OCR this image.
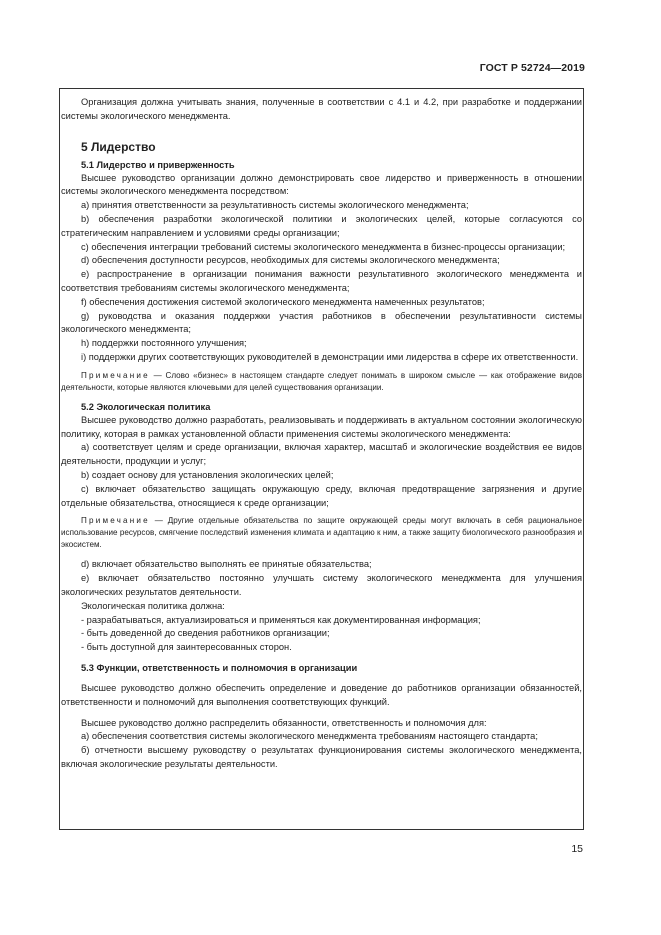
ГОСТ Р 52724—2019

Организация должна учитывать знания, полученные в соответствии с 4.1 и 4.2, при разработке и поддержании системы экологического менеджмента.

5 Лидерство
5.1 Лидерство и приверженность

Высшее руководство организации должно демонстрировать свое лидерство и приверженность в отношении системы экологического менеджмента посредством:

a) принятия ответственности за результативность системы экологического менеджмента;

b) обеспечения разработки экологической политики и экологических целей, которые согласуются со стратегическим направлением и условиями среды организации;

c) обеспечения интеграции требований системы экологического менеджмента в бизнес-процессы организации;

d) обеспечения доступности ресурсов, необходимых для системы экологического менеджмента;

e) распространение в организации понимания важности результативного экологического менеджмента и соответствия требованиям системы экологического менеджмента;

f) обеспечения достижения системой экологического менеджмента намеченных результатов;

g) руководства и оказания поддержки участия работников в обеспечении результативности системы экологического менеджмента;

h) поддержки постоянного улучшения;

i) поддержки других соответствующих руководителей в демонстрации ими лидерства в сфере их ответственности.

Примечание — Слово «бизнес» в настоящем стандарте следует понимать в широком смысле — как отображение видов деятельности, которые являются ключевыми для целей существования организации.

5.2 Экологическая политика

Высшее руководство должно разработать, реализовывать и поддерживать в актуальном состоянии экологическую политику, которая в рамках установленной области применения системы экологического менеджмента:

a) соответствует целям и среде организации, включая характер, масштаб и экологические воздействия ее видов деятельности, продукции и услуг;

b) создает основу для установления экологических целей;

c) включает обязательство защищать окружающую среду, включая предотвращение загрязнения и другие отдельные обязательства, относящиеся к среде организации;

Примечание — Другие отдельные обязательства по защите окружающей среды могут включать в себя рациональное использование ресурсов, смягчение последствий изменения климата и адаптацию к ним, а также защиту биологического разнообразия и экосистем.

d) включает обязательство выполнять ее принятые обязательства;

e) включает обязательство постоянно улучшать систему экологического менеджмента для улучшения экологических результатов деятельности.

Экологическая политика должна:

- разрабатываться, актуализироваться и применяться как документированная информация;

- быть доведенной до сведения работников организации;

- быть доступной для заинтересованных сторон.

5.3 Функции, ответственность и полномочия в организации

Высшее руководство должно обеспечить определение и доведение до работников организации обязанностей, ответственности и полномочий для выполнения соответствующих функций.

Высшее руководство должно распределить обязанности, ответственность и полномочия для:

а) обеспечения соответствия системы экологического менеджмента требованиям настоящего стандарта;

б) отчетности высшему руководству о результатах функционирования системы экологического менеджмента, включая экологические результаты деятельности.

15
